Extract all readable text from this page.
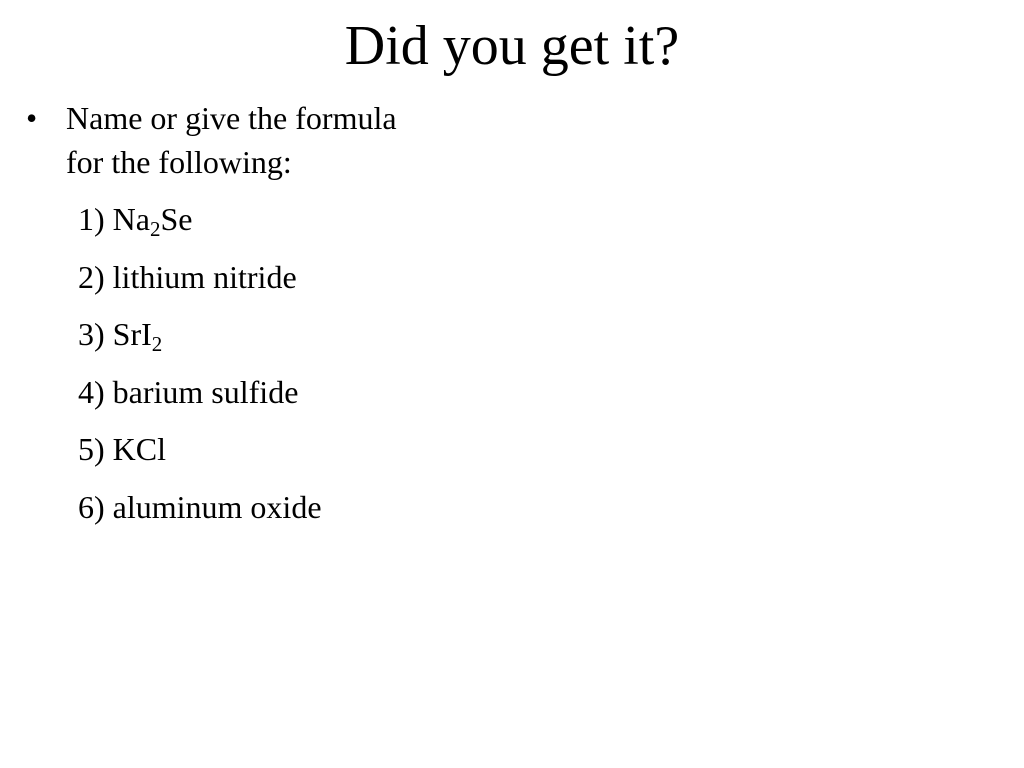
Did you get it?
• Name or give the formula
for the following:
1) $Na_2Se$
2) lithium nitride
3) SrI$_2$
4) barium sulfide
5) KCl
6) aluminum oxide
